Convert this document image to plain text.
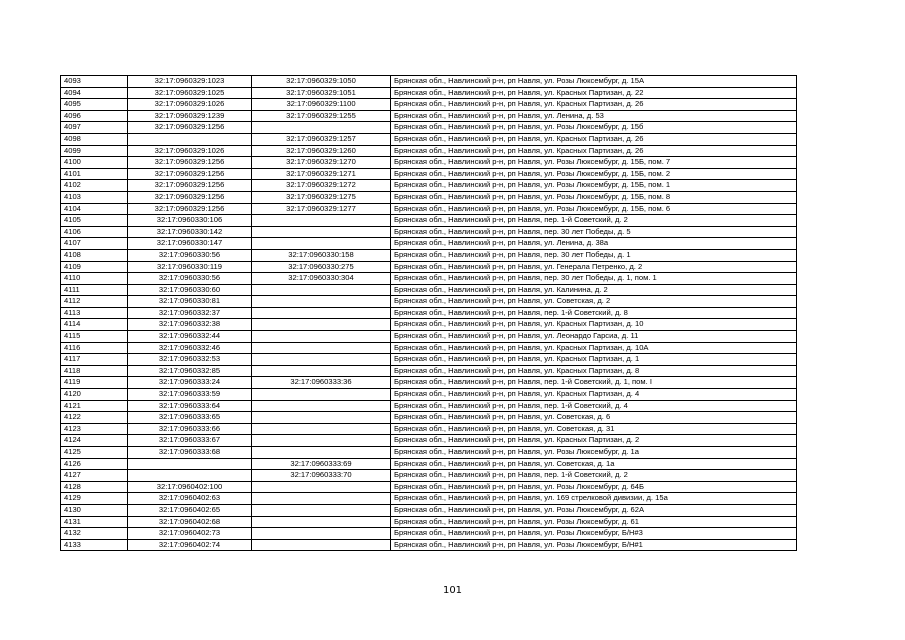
4093	32:17:0960329:1023	32:17:0960329:1050	Брянская обл., Навлинский р-н, рп Навля, ул. Розы Люксембург, д. 15А
4094	32:17:0960329:1025	32:17:0960329:1051	Брянская обл., Навлинский р-н, рп Навля, ул. Красных Партизан, д. 22
4095	32:17:0960329:1026	32:17:0960329:1100	Брянская обл., Навлинский р-н, рп Навля, ул. Красных Партизан, д. 26
4096	32:17:0960329:1239	32:17:0960329:1255	Брянская обл., Навлинский р-н, рп Навля, ул. Ленина, д. 53
4097	32:17:0960329:1256		Брянская обл., Навлинский р-н, рп Навля, ул. Розы Люксембург, д. 15б
4098		32:17:0960329:1257	Брянская обл., Навлинский р-н, рп Навля, ул. Красных Партизан, д. 26
4099	32:17:0960329:1026	32:17:0960329:1260	Брянская обл., Навлинский р-н, рп Навля, ул. Красных Партизан, д. 26
4100	32:17:0960329:1256	32:17:0960329:1270	Брянская обл., Навлинский р-н, рп Навля, ул. Розы Люксембург, д. 15Б, пом. 7
4101	32:17:0960329:1256	32:17:0960329:1271	Брянская обл., Навлинский р-н, рп Навля, ул. Розы Люксембург, д. 15Б, пом. 2
4102	32:17:0960329:1256	32:17:0960329:1272	Брянская обл., Навлинский р-н, рп Навля, ул. Розы Люксембург, д. 15Б, пом. 1
4103	32:17:0960329:1256	32:17:0960329:1275	Брянская обл., Навлинский р-н, рп Навля, ул. Розы Люксембург, д. 15Б, пом. 8
4104	32:17:0960329:1256	32:17:0960329:1277	Брянская обл., Навлинский р-н, рп Навля, ул. Розы Люксембург, д. 15Б, пом. 6
4105	32:17:0960330:106		Брянская обл., Навлинский р-н, рп Навля, пер. 1-й Советский, д. 2
4106	32:17:0960330:142		Брянская обл., Навлинский р-н, рп Навля, пер. 30 лет Победы, д. 5
4107	32:17:0960330:147		Брянская обл., Навлинский р-н, рп Навля, ул. Ленина, д. 38а
4108	32:17:0960330:56	32:17:0960330:158	Брянская обл., Навлинский р-н, рп Навля, пер. 30 лет Победы, д. 1
4109	32:17:0960330:119	32:17:0960330:275	Брянская обл., Навлинский р-н, рп Навля, ул. Генерала Петренко, д. 2
4110	32:17:0960330:56	32:17:0960330:304	Брянская обл., Навлинский р-н, рп Навля, пер. 30 лет Победы, д. 1, пом. 1
4111	32:17:0960330:60		Брянская обл., Навлинский р-н, рп Навля, ул. Калинина, д. 2
4112	32:17:0960330:81		Брянская обл., Навлинский р-н, рп Навля, ул. Советская, д. 2
4113	32:17:0960332:37		Брянская обл., Навлинский р-н, рп Навля, пер. 1-й Советский, д. 8
4114	32:17:0960332:38		Брянская обл., Навлинский р-н, рп Навля, ул. Красных Партизан, д. 10
4115	32:17:0960332:44		Брянская обл., Навлинский р-н, рп Навля, ул. Леонардо Гарсиа, д. 11
4116	32:17:0960332:46		Брянская обл., Навлинский р-н, рп Навля, ул. Красных Партизан, д. 10А
4117	32:17:0960332:53		Брянская обл., Навлинский р-н, рп Навля, ул. Красных Партизан, д. 1
4118	32:17:0960332:85		Брянская обл., Навлинский р-н, рп Навля, ул. Красных Партизан, д. 8
4119	32:17:0960333:24	32:17:0960333:36	Брянская обл., Навлинский р-н, рп Навля, пер. 1-й Советский, д. 1, пом. I
4120	32:17:0960333:59		Брянская обл., Навлинский р-н, рп Навля, ул. Красных Партизан, д. 4
4121	32:17:0960333:64		Брянская обл., Навлинский р-н, рп Навля, пер. 1-й Советский, д. 4
4122	32:17:0960333:65		Брянская обл., Навлинский р-н, рп Навля, ул. Советская, д. 6
4123	32:17:0960333:66		Брянская обл., Навлинский р-н, рп Навля, ул. Советская, д. 31
4124	32:17:0960333:67		Брянская обл., Навлинский р-н, рп Навля, ул. Красных Партизан, д. 2
4125	32:17:0960333:68		Брянская обл., Навлинский р-н, рп Навля, ул. Розы Люксембург, д. 1а
4126		32:17:0960333:69	Брянская обл., Навлинский р-н, рп Навля, ул. Советская, д. 1а
4127		32:17:0960333:70	Брянская обл., Навлинский р-н, рп Навля, пер. 1-й Советский, д. 2
4128	32:17:0960402:100		Брянская обл., Навлинский р-н, рп Навля, ул. Розы Люксембург, д. 64Б
4129	32:17:0960402:63		Брянская обл., Навлинский р-н, рп Навля, ул. 169 стрелковой дивизии, д. 15а
4130	32:17:0960402:65		Брянская обл., Навлинский р-н, рп Навля, ул. Розы Люксембург, д. 62А
4131	32:17:0960402:68		Брянская обл., Навлинский р-н, рп Навля, ул. Розы Люксембург, д. 61
4132	32:17:0960402:73		Брянская обл., Навлинский р-н, рп Навля, ул. Розы Люксембург, Б/Н#3
4133	32:17:0960402:74		Брянская обл., Навлинский р-н, рп Навля, ул. Розы Люксембург, Б/Н#1
101
